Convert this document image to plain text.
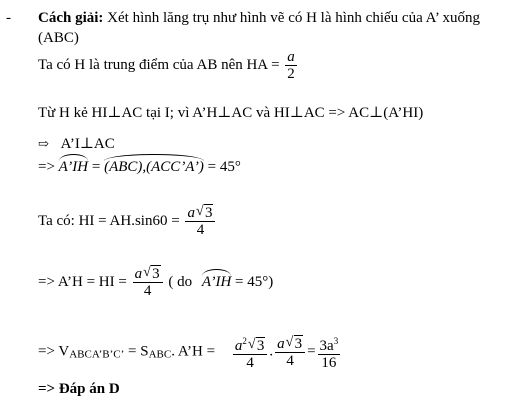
- Cách giải: Xét hình lăng trụ như hình vẽ có H là hình chiếu của A’ xuống
(ABC)
Ta có H là trung điểm của AB nên HA = $\frac{a}{2}$
Từ H kẻ HI⊥AC tại I; vì A’H⊥AC và HI⊥AC => AC⊥(A’HI)
⇨ A’I⊥AC
=> A’IH = (ABC),(ACC’A’) = 45°
Ta có: HI = $AH.\sin 60 = \frac{a √ 3}{4}$
=> A’H = HI = $\frac{a √ 3}{4}$ ( do A’IH = 45°)
=> $V_{ABCA’B’C’} = S_{ABC}$. A’H = $\frac{a^2 √ 3}{4}$ . $\frac{a √ 3}{4} = \frac{3a^3}{16}$
=> Đáp án D
